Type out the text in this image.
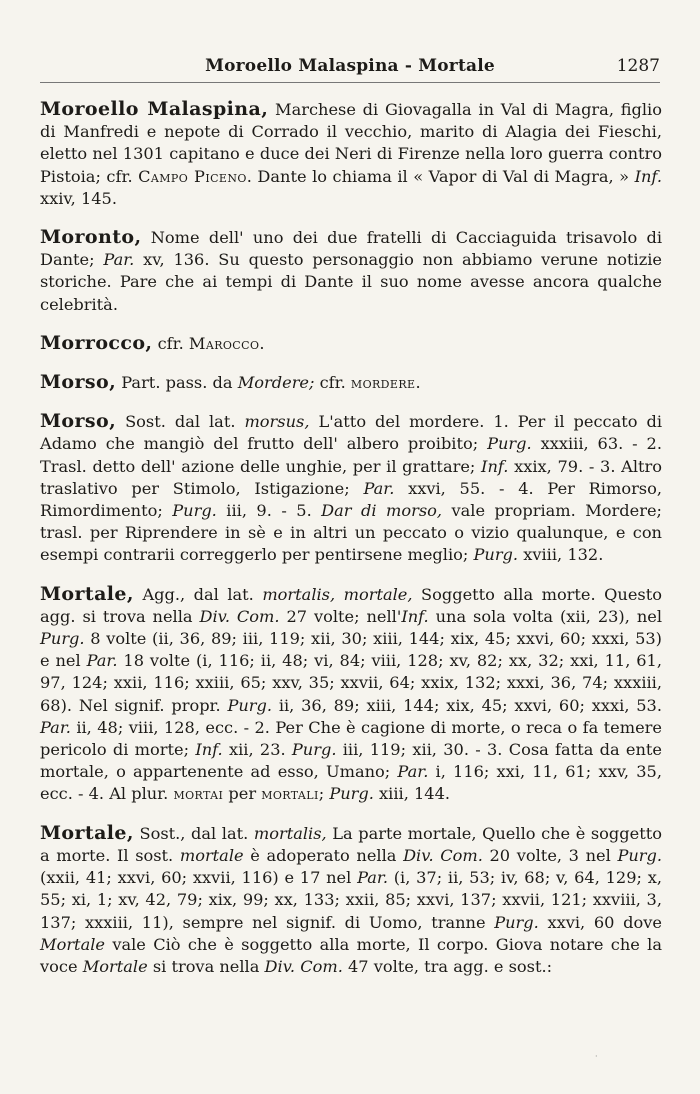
Moroello Malaspina - Mortale	1287

Moroello Malaspina, Marchese di Giovagalla in Val di Magra, figlio di Manfredi e nepote di Corrado il vecchio, marito di Alagia dei Fieschi, eletto nel 1301 capitano e duce dei Neri di Firenze nella loro guerra contro Pistoia; cfr. Campo Piceno. Dante lo chiama il « Vapor di Val di Magra, » Inf. xxiv, 145.

Moronto, Nome dell' uno dei due fratelli di Cacciaguida trisavolo di Dante; Par. xv, 136. Su questo personaggio non abbiamo verune notizie storiche. Pare che ai tempi di Dante il suo nome avesse ancora qualche celebrità.

Morrocco, cfr. Marocco.

Morso, Part. pass. da Mordere; cfr. mordere.

Morso, Sost. dal lat. morsus, L'atto del mordere. 1. Per il peccato di Adamo che mangiò del frutto dell' albero proibito; Purg. xxxiii, 63. - 2. Trasl. detto dell' azione delle unghie, per il grattare; Inf. xxix, 79. - 3. Altro traslativo per Stimolo, Istigazione; Par. xxvi, 55. - 4. Per Rimorso, Rimordimento; Purg. iii, 9. - 5. Dar di morso, vale propriam. Mordere; trasl. per Riprendere in sè e in altri un peccato o vizio qualunque, e con esempi contrarii correggerlo per pentirsene meglio; Purg. xviii, 132.

Mortale, Agg., dal lat. mortalis, mortale, Soggetto alla morte. Questo agg. si trova nella Div. Com. 27 volte; nell'Inf. una sola volta (xii, 23), nel Purg. 8 volte (ii, 36, 89; iii, 119; xii, 30; xiii, 144; xix, 45; xxvi, 60; xxxi, 53) e nel Par. 18 volte (i, 116; ii, 48; vi, 84; viii, 128; xv, 82; xx, 32; xxi, 11, 61, 97, 124; xxii, 116; xxiii, 65; xxv, 35; xxvii, 64; xxix, 132; xxxi, 36, 74; xxxiii, 68). Nel signif. propr. Purg. ii, 36, 89; xiii, 144; xix, 45; xxvi, 60; xxxi, 53. Par. ii, 48; viii, 128, ecc. - 2. Per Che è cagione di morte, o reca o fa temere pericolo di morte; Inf. xii, 23. Purg. iii, 119; xii, 30. - 3. Cosa fatta da ente mortale, o appartenente ad esso, Umano; Par. i, 116; xxi, 11, 61; xxv, 35, ecc. - 4. Al plur. mortai per mortali; Purg. xiii, 144.

Mortale, Sost., dal lat. mortalis, La parte mortale, Quello che è soggetto a morte. Il sost. mortale è adoperato nella Div. Com. 20 volte, 3 nel Purg. (xxii, 41; xxvi, 60; xxvii, 116) e 17 nel Par. (i, 37; ii, 53; iv, 68; v, 64, 129; x, 55; xi, 1; xv, 42, 79; xix, 99; xx, 133; xxii, 85; xxvi, 137; xxvii, 121; xxviii, 3, 137; xxxiii, 11), sempre nel signif. di Uomo, tranne Purg. xxvi, 60 dove Mortale vale Ciò che è soggetto alla morte, Il corpo. Giova notare che la voce Mortale si trova nella Div. Com. 47 volte, tra agg. e sost.:

·
